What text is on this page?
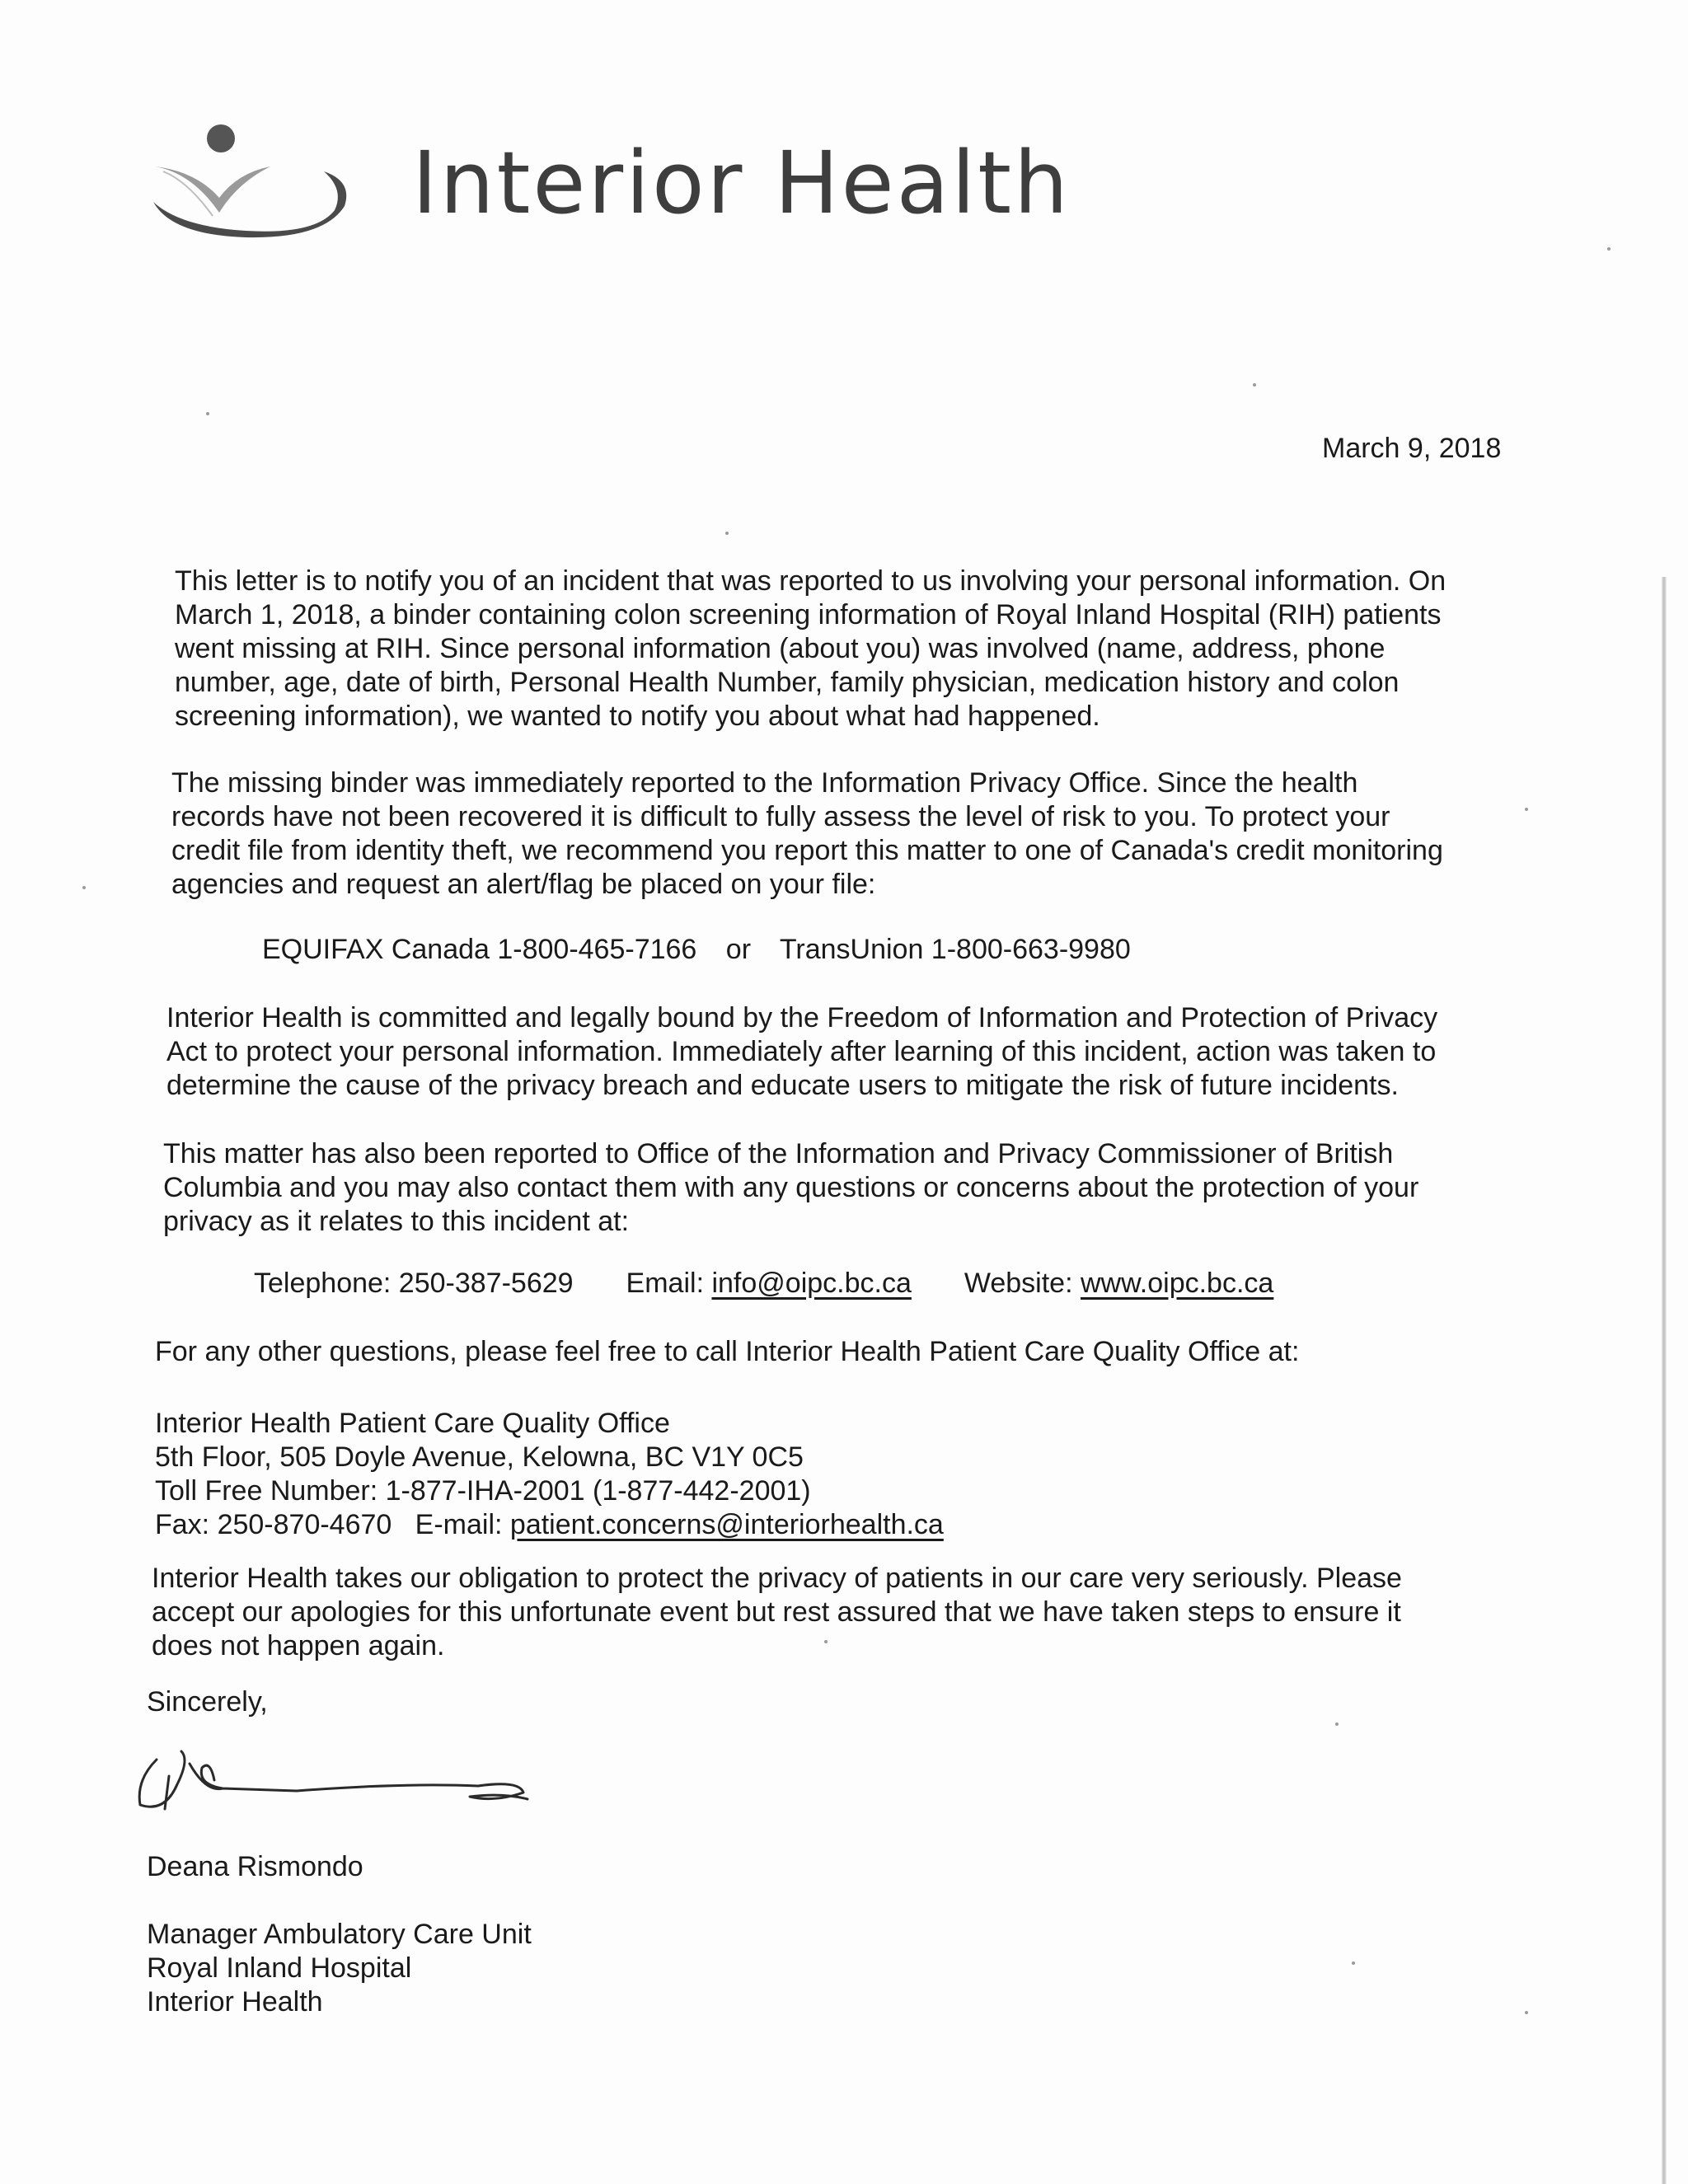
Interior Health
March 9, 2018
This letter is to notify you of an incident that was reported to us involving your personal information. On
March 1, 2018, a binder containing colon screening information of Royal Inland Hospital (RIH) patients
went missing at RIH. Since personal information (about you) was involved (name, address, phone
number, age, date of birth, Personal Health Number, family physician, medication history and colon
screening information), we wanted to notify you about what had happened.
The missing binder was immediately reported to the Information Privacy Office. Since the health
records have not been recovered it is difficult to fully assess the level of risk to you. To protect your
credit file from identity theft, we recommend you report this matter to one of Canada's credit monitoring
agencies and request an alert/flag be placed on your file:
EQUIFAX Canada 1-800-465-7166 or TransUnion 1-800-663-9980
Interior Health is committed and legally bound by the Freedom of Information and Protection of Privacy
Act to protect your personal information. Immediately after learning of this incident, action was taken to
determine the cause of the privacy breach and educate users to mitigate the risk of future incidents.
This matter has also been reported to Office of the Information and Privacy Commissioner of British
Columbia and you may also contact them with any questions or concerns about the protection of your
privacy as it relates to this incident at:
Telephone: 250-387-5629 Email: info@oipc.bc.ca Website: www.oipc.bc.ca
For any other questions, please feel free to call Interior Health Patient Care Quality Office at:
Interior Health Patient Care Quality Office
5th Floor, 505 Doyle Avenue, Kelowna, BC V1Y 0C5
Toll Free Number: 1-877-IHA-2001 (1-877-442-2001)
Fax: 250-870-4670 E-mail: patient.concerns@interiorhealth.ca
Interior Health takes our obligation to protect the privacy of patients in our care very seriously. Please
accept our apologies for this unfortunate event but rest assured that we have taken steps to ensure it
does not happen again.
Sincerely,
Deana Rismondo
Manager Ambulatory Care Unit
Royal Inland Hospital
Interior Health
